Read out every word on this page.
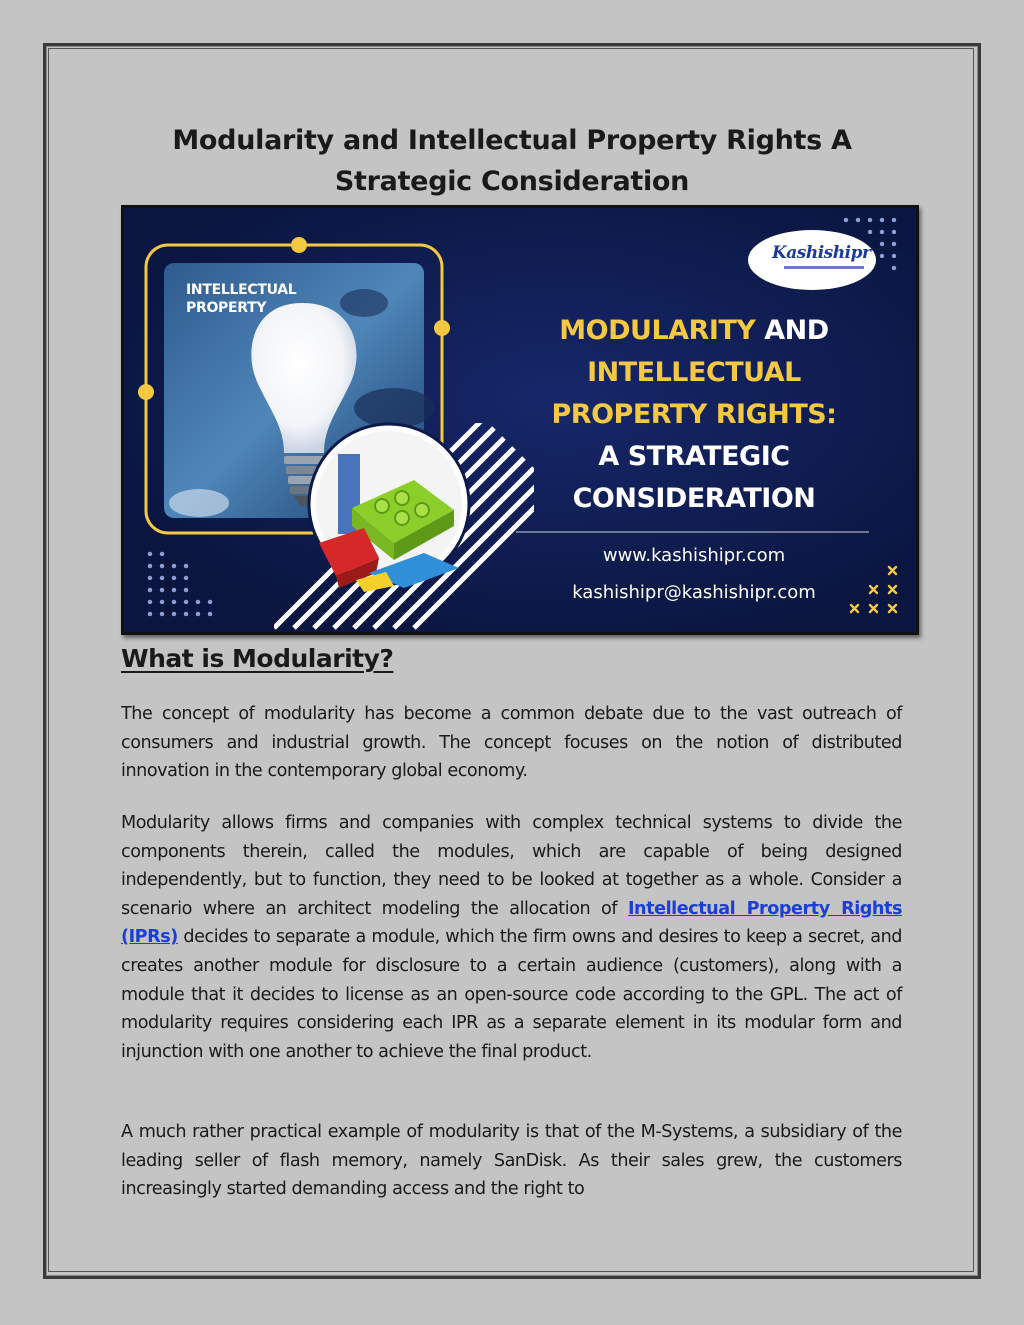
Modularity and Intellectual Property Rights A Strategic Consideration
INTELLECTUAL
PROPERTY
Kashishipr
MODULARITY AND
INTELLECTUAL
PROPERTY RIGHTS:
A STRATEGIC
CONSIDERATION
www.kashishipr.com
kashishipr@kashishipr.com
What is Modularity?

The concept of modularity has become a common debate due to the vast outreach of consumers and industrial growth. The concept focuses on the notion of distributed innovation in the contemporary global economy.

Modularity allows firms and companies with complex technical systems to divide the components therein, called the modules, which are capable of being designed independently, but to function, they need to be looked at together as a whole. Consider a scenario where an architect modeling the allocation of Intellectual Property Rights (IPRs) decides to separate a module, which the firm owns and desires to keep a secret, and creates another module for disclosure to a certain audience (customers), along with a module that it decides to license as an open-source code according to the GPL. The act of modularity requires considering each IPR as a separate element in its modular form and injunction with one another to achieve the final product.

A much rather practical example of modularity is that of the M-Systems, a subsidiary of the leading seller of flash memory, namely SanDisk. As their sales grew, the customers increasingly started demanding access and the right to
